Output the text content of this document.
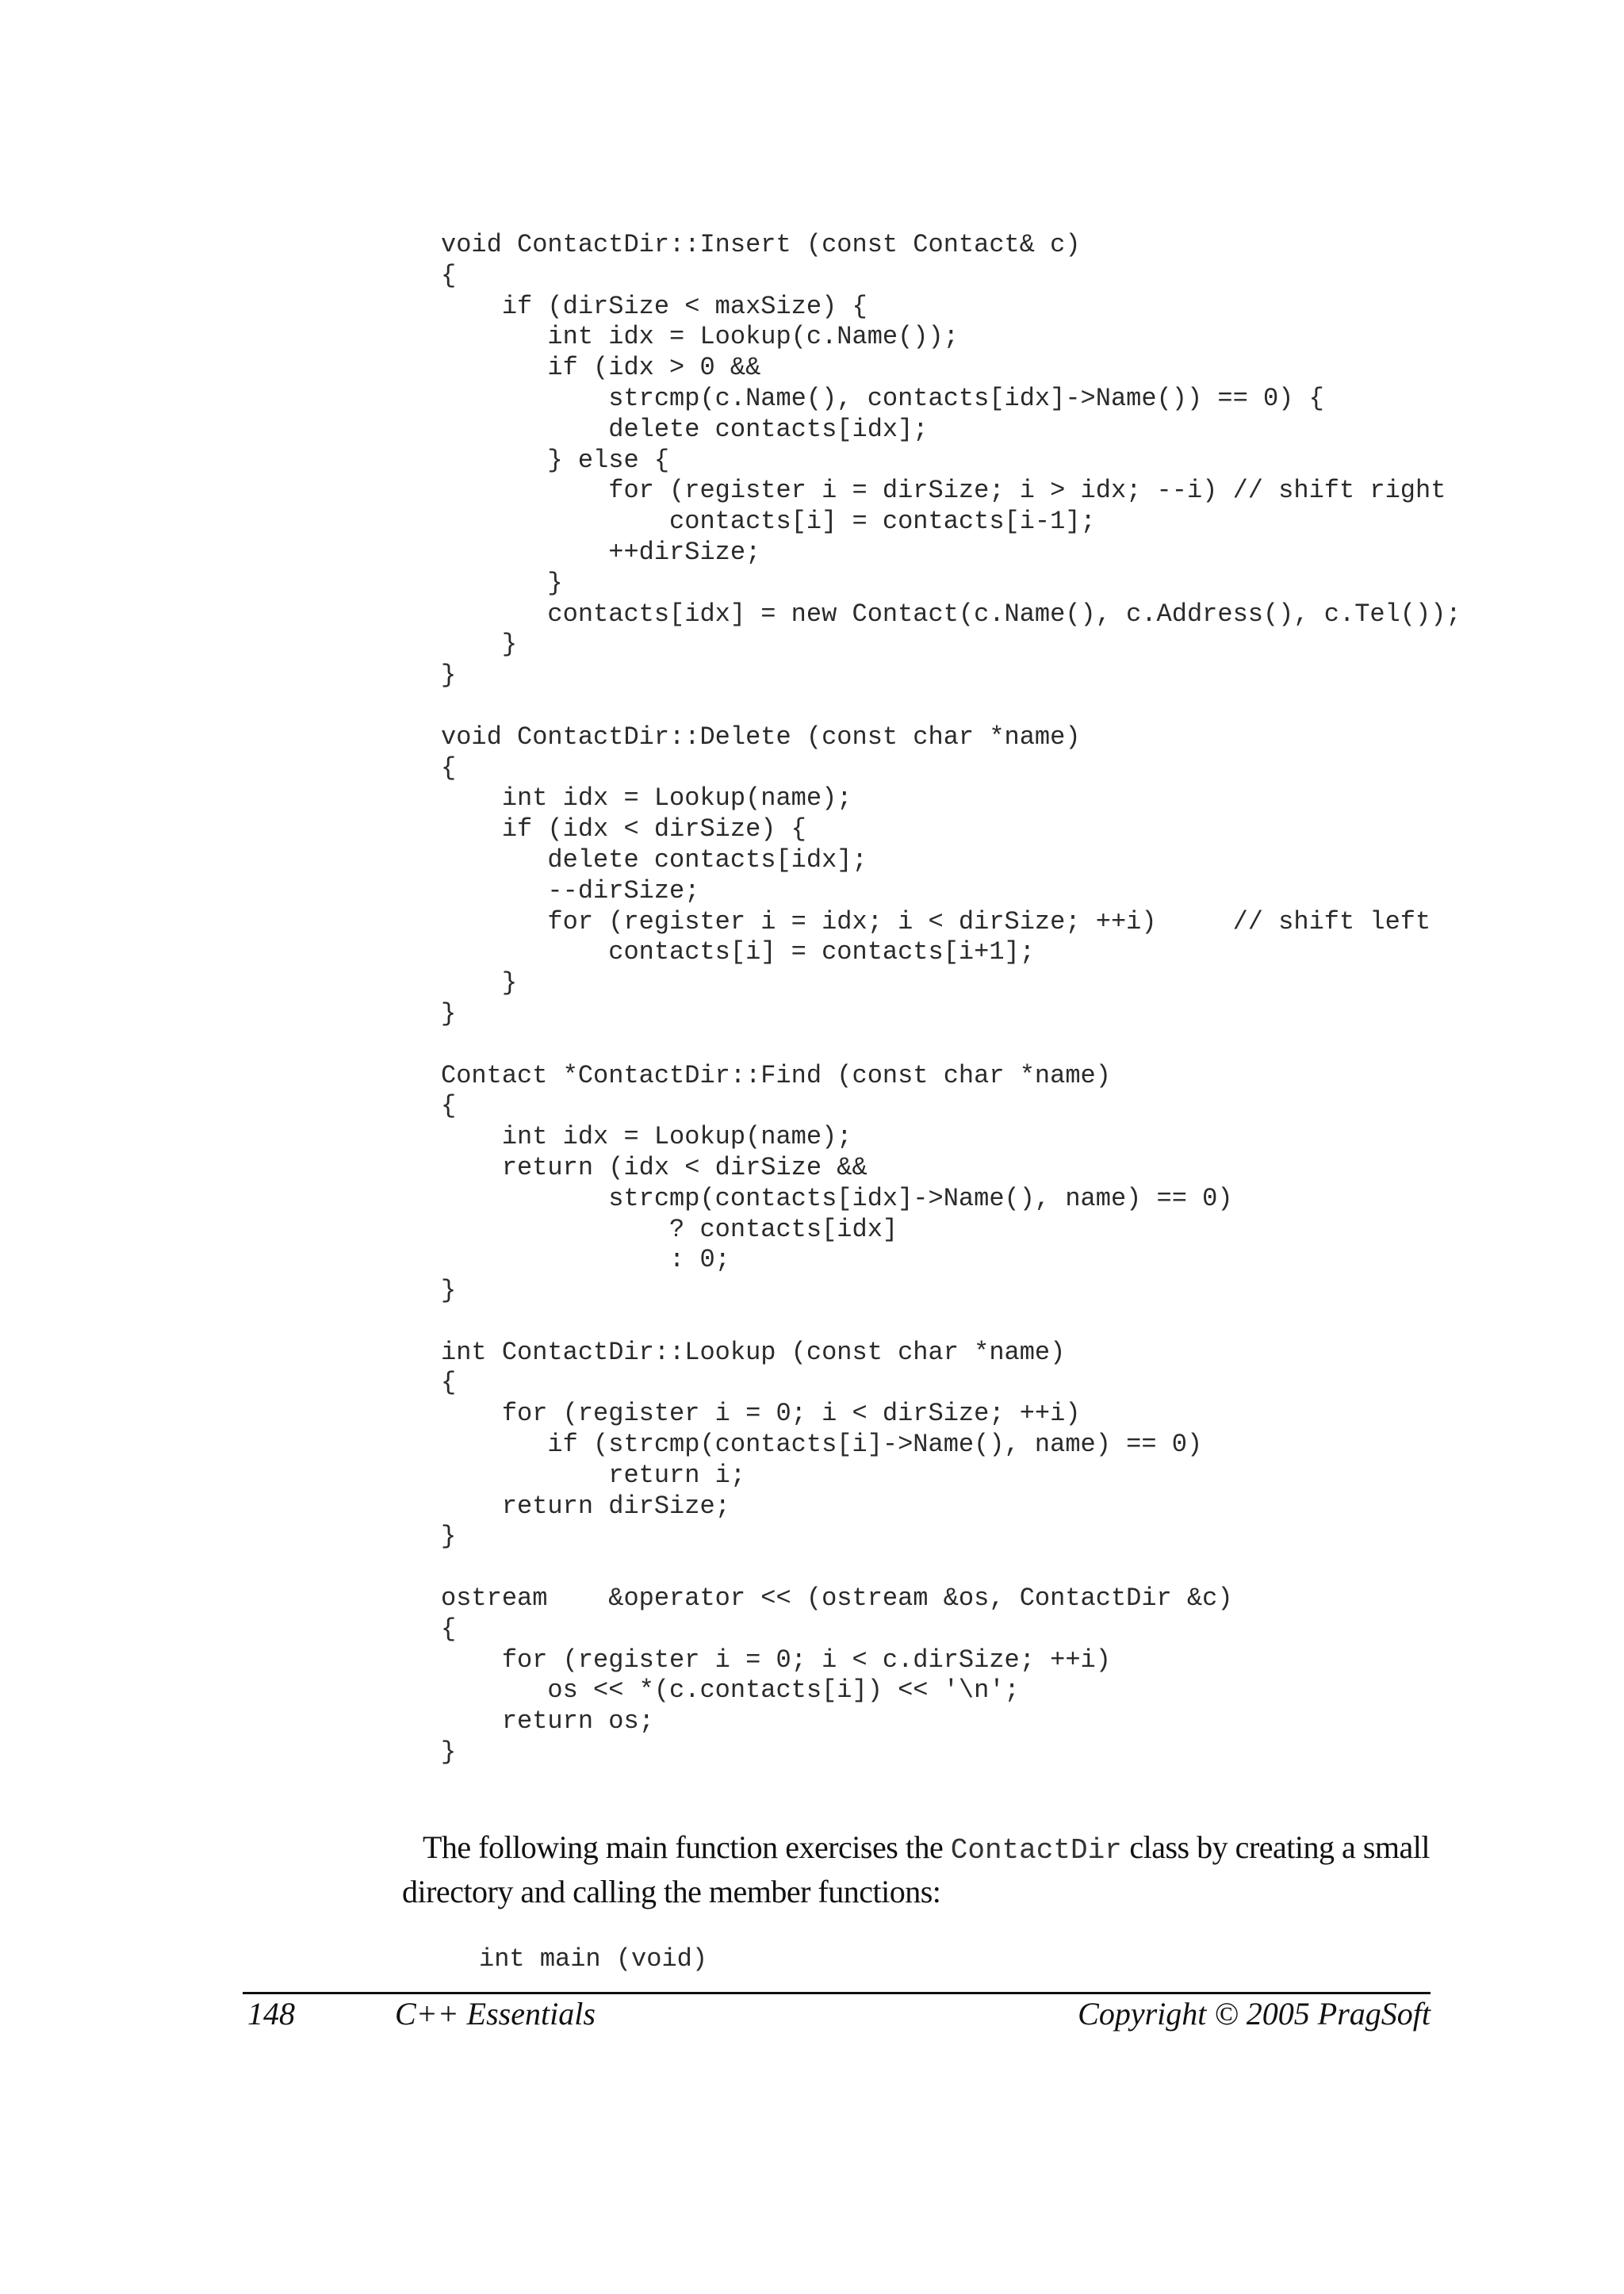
void ContactDir::Insert (const Contact& c)
{
if (dirSize < maxSize) {
int idx = Lookup(c.Name());
if (idx > 0 &&
strcmp(c.Name(), contacts[idx]->Name()) == 0) {
delete contacts[idx];
} else {
for (register i = dirSize; i > idx; --i) // shift right
contacts[i] = contacts[i-1];
++dirSize;
}
contacts[idx] = new Contact(c.Name(), c.Address(), c.Tel());
}
}
void ContactDir::Delete (const char *name)
{
int idx = Lookup(name);
if (idx < dirSize) {
delete contacts[idx];
--dirSize;
for (register i = idx; i < dirSize; ++i)     // shift left
contacts[i] = contacts[i+1];
}
}
Contact *ContactDir::Find (const char *name)
{
int idx = Lookup(name);
return (idx < dirSize &&
strcmp(contacts[idx]->Name(), name) == 0)
? contacts[idx]
: 0;
}
int ContactDir::Lookup (const char *name)
{
for (register i = 0; i < dirSize; ++i)
if (strcmp(contacts[i]->Name(), name) == 0)
return i;
return dirSize;
}
ostream    &operator << (ostream &os, ContactDir &c)
{
for (register i = 0; i < c.dirSize; ++i)
os << *(c.contacts[i]) << '\n';
return os;
}

The following main function exercises the ContactDir class by creating a small directory and calling the member functions:

int main (void)
148	C++ Essentials	Copyright © 2005 PragSoft
